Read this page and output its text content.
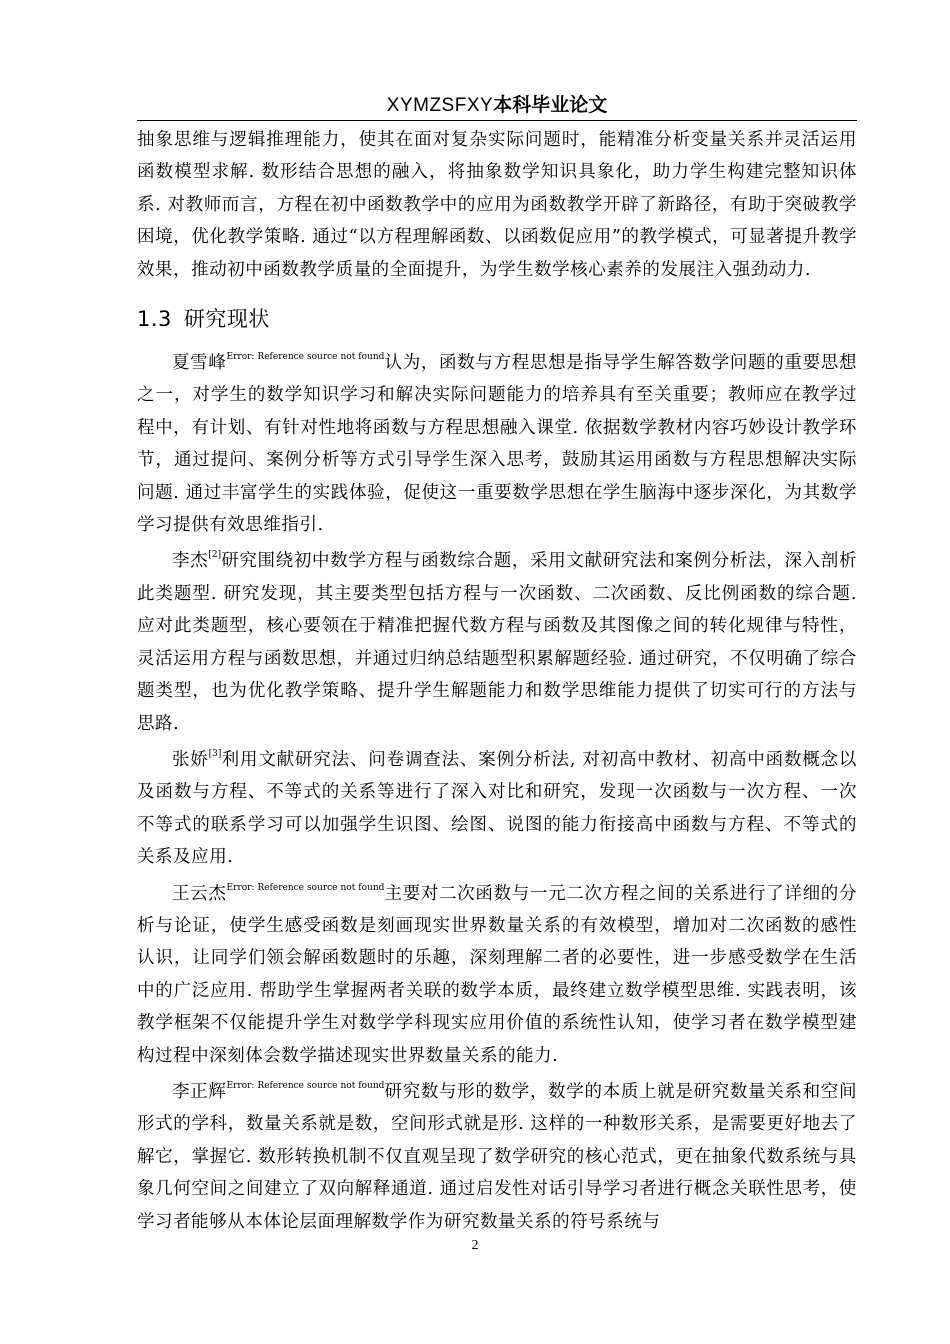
XYMZSFXY本科毕业论文

抽象思维与逻辑推理能力，使其在面对复杂实际问题时，能精准分析变量关系并灵活运用函数模型求解. 数形结合思想的融入，将抽象数学知识具象化，助力学生构建完整知识体系. 对教师而言，方程在初中函数教学中的应用为函数教学开辟了新路径，有助于突破教学困境，优化教学策略. 通过“以方程理解函数、以函数促应用”的教学模式，可显著提升教学效果，推动初中函数教学质量的全面提升，为学生数学核心素养的发展注入强劲动力.

1.3 研究现状

夏雪峰$^{Error: Reference source not found}$认为，函数与方程思想是指导学生解答数学问题的重要思想之一，对学生的数学知识学习和解决实际问题能力的培养具有至关重要；教师应在教学过程中，有计划、有针对性地将函数与方程思想融入课堂. 依据数学教材内容巧妙设计教学环节，通过提问、案例分析等方式引导学生深入思考，鼓励其运用函数与方程思想解决实际问题. 通过丰富学生的实践体验，促使这一重要数学思想在学生脑海中逐步深化，为其数学学习提供有效思维指引.

李杰[2]研究围绕初中数学方程与函数综合题，采用文献研究法和案例分析法，深入剖析此类题型. 研究发现，其主要类型包括方程与一次函数、二次函数、反比例函数的综合题. 应对此类题型，核心要领在于精准把握代数方程与函数及其图像之间的转化规律与特性，灵活运用方程与函数思想，并通过归纳总结题型积累解题经验. 通过研究，不仅明确了综合题类型，也为优化教学策略、提升学生解题能力和数学思维能力提供了切实可行的方法与思路.

张娇[3]利用文献研究法、问卷调查法、案例分析法, 对初高中教材、初高中函数概念以及函数与方程、不等式的关系等进行了深入对比和研究，发现一次函数与一次方程、一次不等式的联系学习可以加强学生识图、绘图、说图的能力衔接高中函数与方程、不等式的关系及应用.

王云杰$^{Error: Reference source not found}$主要对二次函数与一元二次方程之间的关系进行了详细的分析与论证，使学生感受函数是刻画现实世界数量关系的有效模型，增加对二次函数的感性认识，让同学们领会解函数题时的乐趣，深刻理解二者的必要性，进一步感受数学在生活中的广泛应用. 帮助学生掌握两者关联的数学本质，最终建立数学模型思维. 实践表明，该教学框架不仅能提升学生对数学学科现实应用价值的系统性认知，使学习者在数学模型建构过程中深刻体会数学描述现实世界数量关系的能力.

李正辉$^{Error: Reference source not found}$研究数与形的数学，数学的本质上就是研究数量关系和空间形式的学科，数量关系就是数，空间形式就是形. 这样的一种数形关系，是需要更好地去了解它，掌握它. 数形转换机制不仅直观呈现了数学研究的核心范式，更在抽象代数系统与具象几何空间之间建立了双向解释通道. 通过启发性对话引导学习者进行概念关联性思考，使学习者能够从本体论层面理解数学作为研究数量关系的符号系统与

2
